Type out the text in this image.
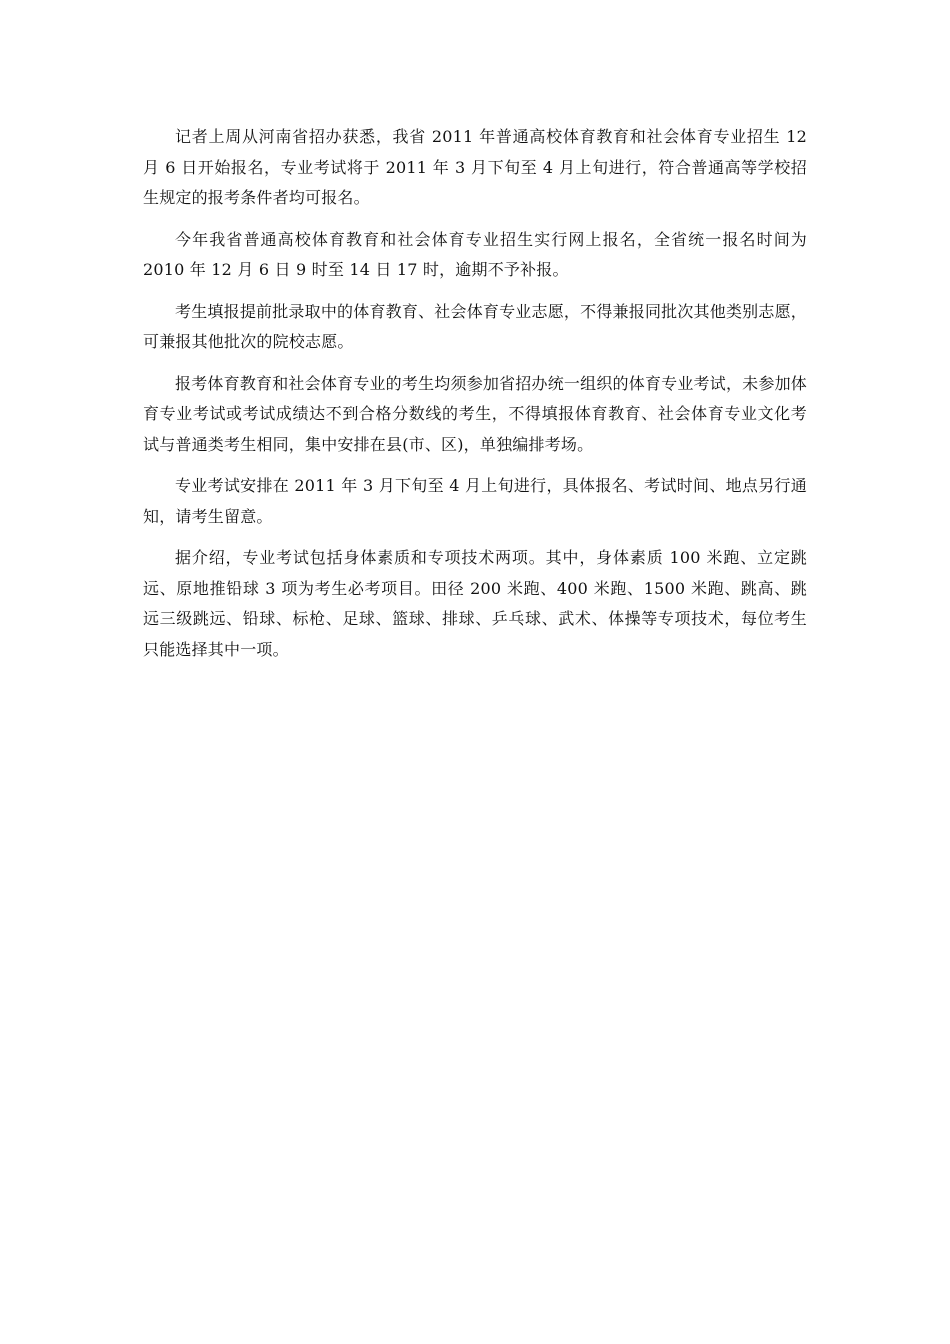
记者上周从河南省招办获悉，我省 2011 年普通高校体育教育和社会体育专业招生 12 月 6 日开始报名，专业考试将于 2011 年 3 月下旬至 4 月上旬进行，符合普通高等学校招生规定的报考条件者均可报名。

今年我省普通高校体育教育和社会体育专业招生实行网上报名，全省统一报名时间为 2010 年 12 月 6 日 9 时至 14 日 17 时，逾期不予补报。

考生填报提前批录取中的体育教育、社会体育专业志愿，不得兼报同批次其他类别志愿，可兼报其他批次的院校志愿。

报考体育教育和社会体育专业的考生均须参加省招办统一组织的体育专业考试，未参加体育专业考试或考试成绩达不到合格分数线的考生，不得填报体育教育、社会体育专业文化考试与普通类考生相同，集中安排在县(市、区)，单独编排考场。

专业考试安排在 2011 年 3 月下旬至 4 月上旬进行，具体报名、考试时间、地点另行通知，请考生留意。

据介绍，专业考试包括身体素质和专项技术两项。其中，身体素质 100 米跑、立定跳远、原地推铅球 3 项为考生必考项目。田径 200 米跑、400 米跑、1500 米跑、跳高、跳远三级跳远、铅球、标枪、足球、篮球、排球、乒乓球、武术、体操等专项技术，每位考生只能选择其中一项。
